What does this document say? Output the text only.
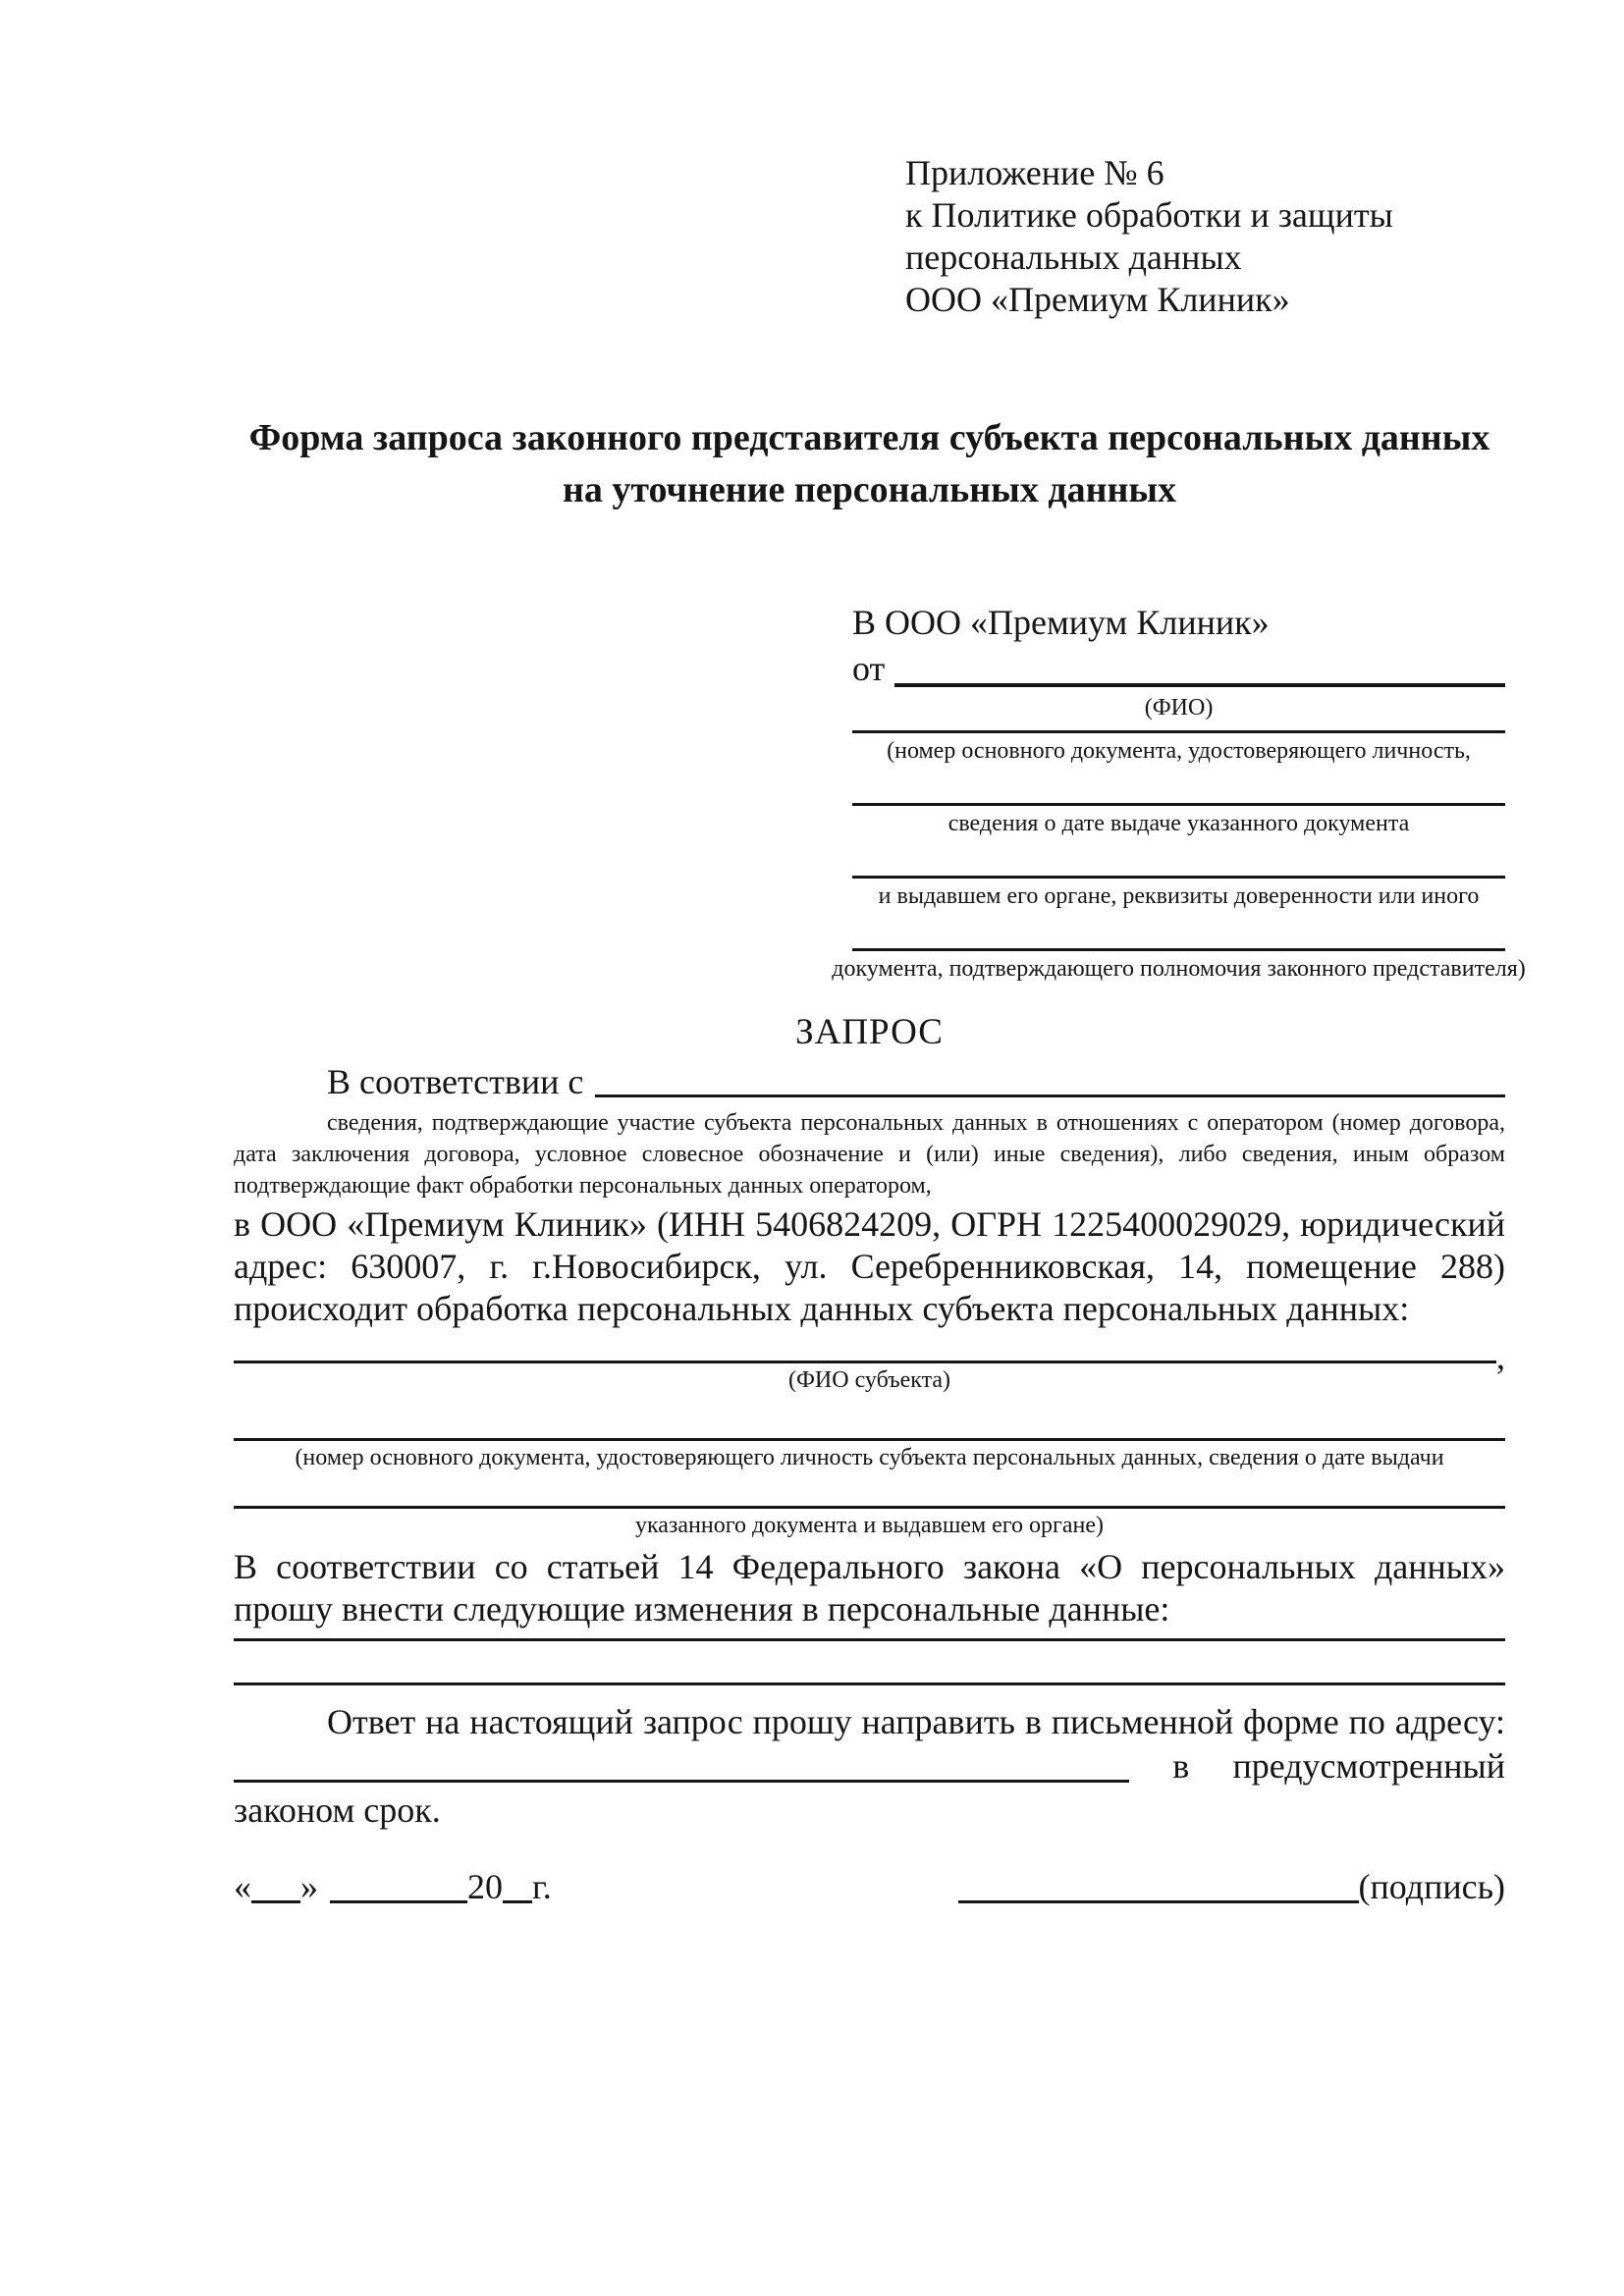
Приложение № 6
к Политике обработки и защиты
персональных данных
ООО «Премиум Клиник»
Форма запроса законного представителя субъекта персональных данных
на уточнение персональных данных
В ООО «Премиум Клиник»
от
(ФИО)
(номер основного документа, удостоверяющего личность,
сведения о дате выдаче указанного документа
и выдавшем его органе, реквизиты доверенности или иного
документа, подтверждающего полномочия законного представителя)
ЗАПРОС
В соответствии с
сведения, подтверждающие участие субъекта персональных данных в отношениях с оператором (номер договора, дата заключения договора, условное словесное обозначение и (или) иные сведения), либо сведения, иным образом подтверждающие факт обработки персональных данных оператором,
в ООО «Премиум Клиник» (ИНН 5406824209, ОГРН 1225400029029, юридический адрес: 630007, г. г.Новосибирск, ул. Серебренниковская, 14, помещение 288) происходит обработка персональных данных субъекта персональных данных:
,
(ФИО субъекта)
(номер основного документа, удостоверяющего личность субъекта персональных данных, сведения о дате выдачи
указанного документа и выдавшем его органе)
В соответствии со статьей 14 Федерального закона «О персональных данных» прошу внести следующие изменения в персональные данные:
Ответ на настоящий запрос прошу направить в письменной форме по адресу:
в предусмотренный
законом срок.
« »	20 г.	(подпись)
